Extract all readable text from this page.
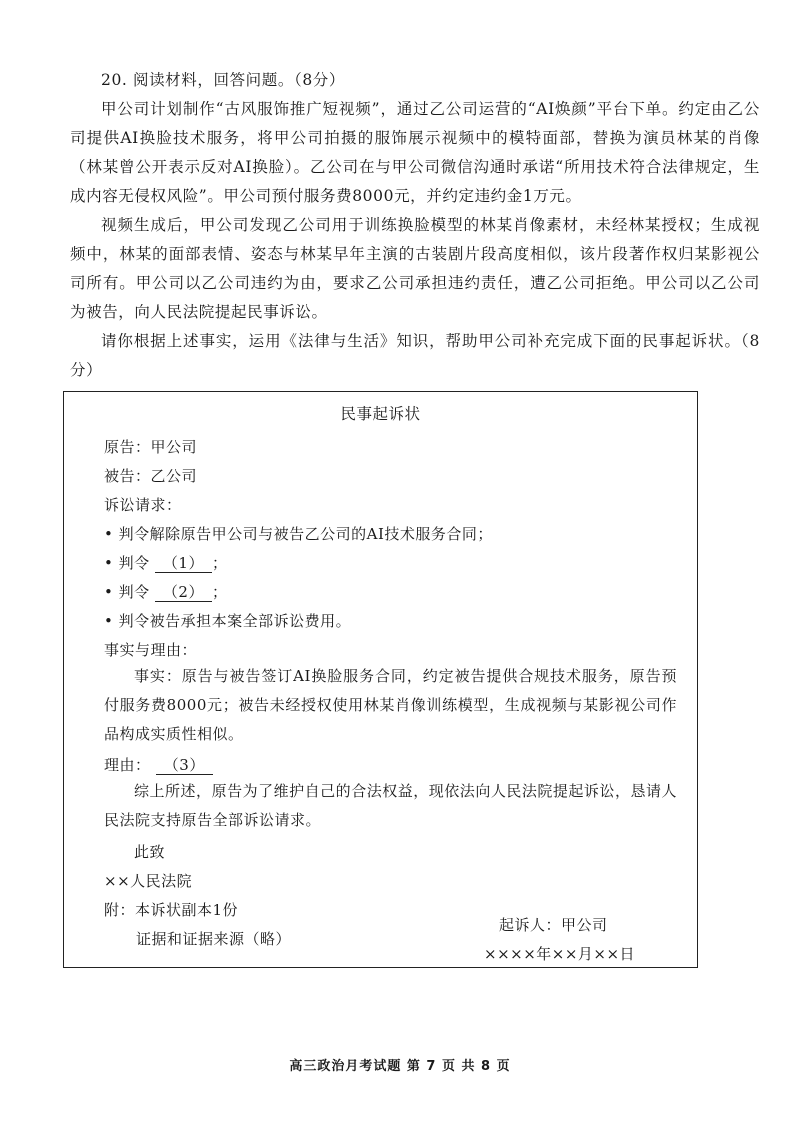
20. 阅读材料，回答问题。（8分）

甲公司计划制作“古风服饰推广短视频”，通过乙公司运营的“AI焕颜”平台下单。约定由乙公司提供AI换脸技术服务，将甲公司拍摄的服饰展示视频中的模特面部，替换为演员林某的肖像（林某曾公开表示反对AI换脸）。乙公司在与甲公司微信沟通时承诺“所用技术符合法律规定，生成内容无侵权风险”。甲公司预付服务费8000元，并约定违约金1万元。

视频生成后，甲公司发现乙公司用于训练换脸模型的林某肖像素材，未经林某授权；生成视频中，林某的面部表情、姿态与林某早年主演的古装剧片段高度相似，该片段著作权归某影视公司所有。甲公司以乙公司违约为由，要求乙公司承担违约责任，遭乙公司拒绝。甲公司以乙公司为被告，向人民法院提起民事诉讼。

请你根据上述事实，运用《法律与生活》知识，帮助甲公司补充完成下面的民事起诉状。（8分）

民事起诉状
原告：甲公司
被告：乙公司
诉讼请求：
• 判令解除原告甲公司与被告乙公司的AI技术服务合同；
• 判令 （1） ；
• 判令 （2） ；
• 判令被告承担本案全部诉讼费用。
事实与理由：
事实：原告与被告签订AI换脸服务合同，约定被告提供合规技术服务，原告预付服务费8000元；被告未经授权使用林某肖像训练模型，生成视频与某影视公司作品构成实质性相似。
理由： （3）
综上所述，原告为了维护自己的合法权益，现依法向人民法院提起诉讼，恳请人民法院支持原告全部诉讼请求。
此致
××人民法院
附：本诉状副本1份
证据和证据来源（略）
起诉人：甲公司
××××年××月××日
高三政治月考试题 第 7 页 共 8 页
